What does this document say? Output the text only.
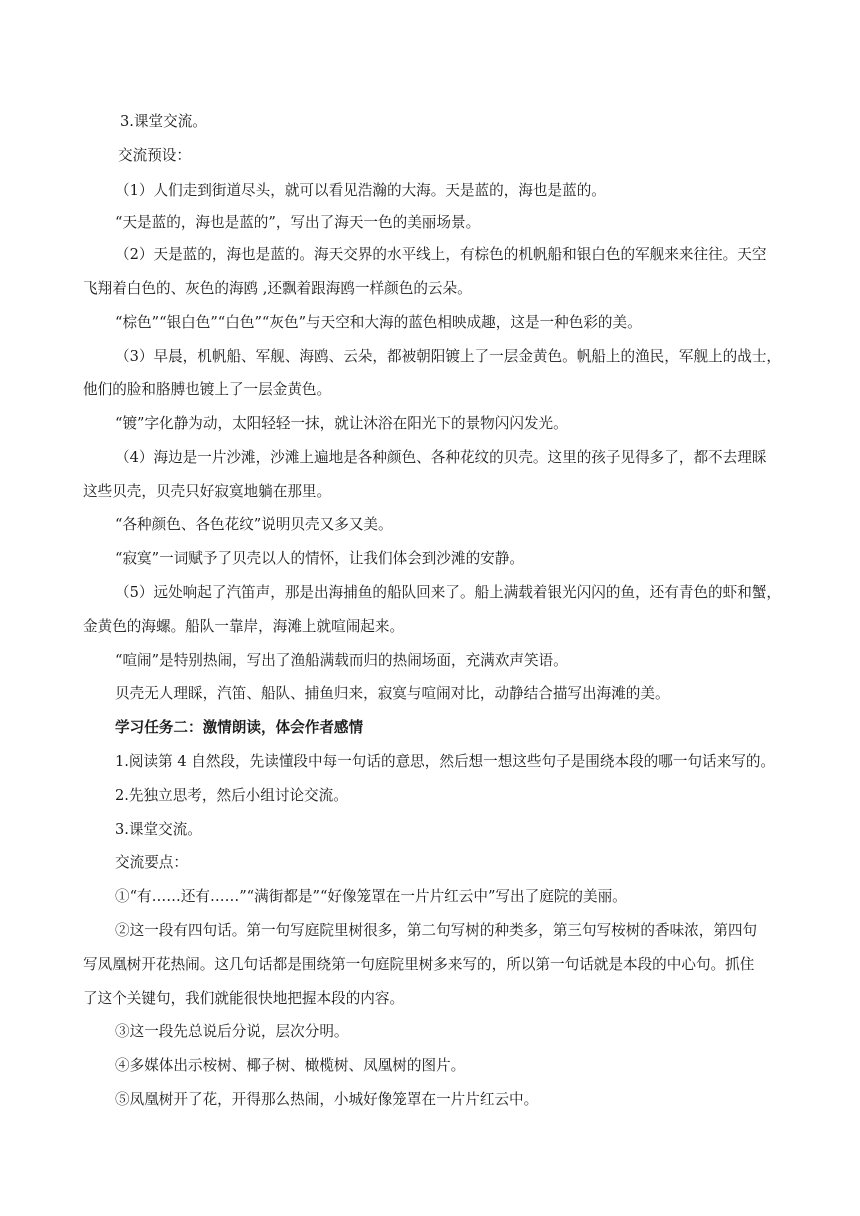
3.课堂交流。
交流预设：
（1）人们走到街道尽头，就可以看见浩瀚的大海。天是蓝的，海也是蓝的。
“天是蓝的，海也是蓝的”，写出了海天一色的美丽场景。
（2）天是蓝的，海也是蓝的。海天交界的水平线上，有棕色的机帆船和银白色的军舰来来往往。天空
飞翔着白色的、灰色的海鸥 ,还飘着跟海鸥一样颜色的云朵。
“棕色”“银白色”“白色”“灰色”与天空和大海的蓝色相映成趣，这是一种色彩的美。
（3）早晨，机帆船、军舰、海鸥、云朵，都被朝阳镀上了一层金黄色。帆船上的渔民，军舰上的战士，
他们的脸和胳膊也镀上了一层金黄色。
“镀”字化静为动，太阳轻轻一抹，就让沐浴在阳光下的景物闪闪发光。
（4）海边是一片沙滩，沙滩上遍地是各种颜色、各种花纹的贝壳。这里的孩子见得多了，都不去理睬
这些贝壳，贝壳只好寂寞地躺在那里。
“各种颜色、各色花纹”说明贝壳又多又美。
“寂寞”一词赋予了贝壳以人的情怀，让我们体会到沙滩的安静。
（5）远处响起了汽笛声，那是出海捕鱼的船队回来了。船上满载着银光闪闪的鱼，还有青色的虾和蟹，
金黄色的海螺。船队一靠岸，海滩上就喧闹起来。
“喧闹”是特别热闹，写出了渔船满载而归的热闹场面，充满欢声笑语。
贝壳无人理睬，汽笛、船队、捕鱼归来，寂寞与喧闹对比，动静结合描写出海滩的美。
学习任务二：激情朗读，体会作者感情
1.阅读第 4 自然段，先读懂段中每一句话的意思，然后想一想这些句子是围绕本段的哪一句话来写的。
2.先独立思考，然后小组讨论交流。
3.课堂交流。
交流要点：
①“有……还有……”“满街都是”“好像笼罩在一片片红云中”写出了庭院的美丽。
②这一段有四句话。第一句写庭院里树很多，第二句写树的种类多，第三句写桉树的香味浓，第四句
写凤凰树开花热闹。这几句话都是围绕第一句庭院里树多来写的，所以第一句话就是本段的中心句。抓住
了这个关键句，我们就能很快地把握本段的内容。
③这一段先总说后分说，层次分明。
④多媒体出示桉树、椰子树、橄榄树、凤凰树的图片。
⑤凤凰树开了花，开得那么热闹，小城好像笼罩在一片片红云中。
